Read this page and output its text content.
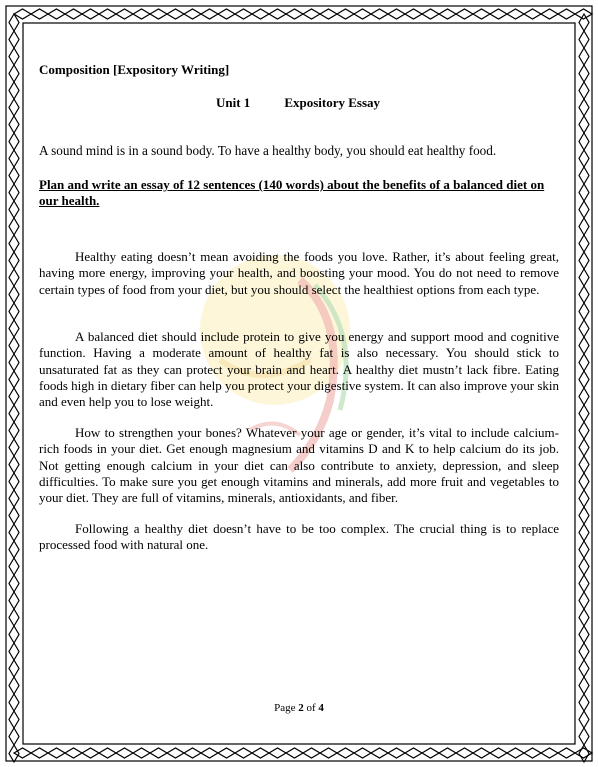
Composition [Expository Writing]
Unit 1	Expository Essay
A sound mind is in a sound body. To have a healthy body, you should eat healthy food.
Plan and write an essay of 12 sentences (140 words) about the benefits of a balanced diet on our health.

Healthy eating doesn’t mean avoiding the foods you love. Rather, it’s about feeling great, having more energy, improving your health, and boosting your mood. You do not need to remove certain types of food from your diet, but you should select the healthiest options from each type.

A balanced diet should include protein to give you energy and support mood and cognitive function. Having a moderate amount of healthy fat is also necessary. You should stick to unsaturated fat as they can protect your brain and heart. A healthy diet mustn’t lack fibre. Eating foods high in dietary fiber can help you protect your digestive system. It can also improve your skin and even help you to lose weight.

How to strengthen your bones? Whatever your age or gender, it’s vital to include calcium-rich foods in your diet. Get enough magnesium and vitamins D and K to help calcium do its job. Not getting enough calcium in your diet can also contribute to anxiety, depression, and sleep difficulties. To make sure you get enough vitamins and minerals, add more fruit and vegetables to your diet. They are full of vitamins, minerals, antioxidants, and fiber.

Following a healthy diet doesn’t have to be too complex. The crucial thing is to replace processed food with natural one.

Page 2 of 4
